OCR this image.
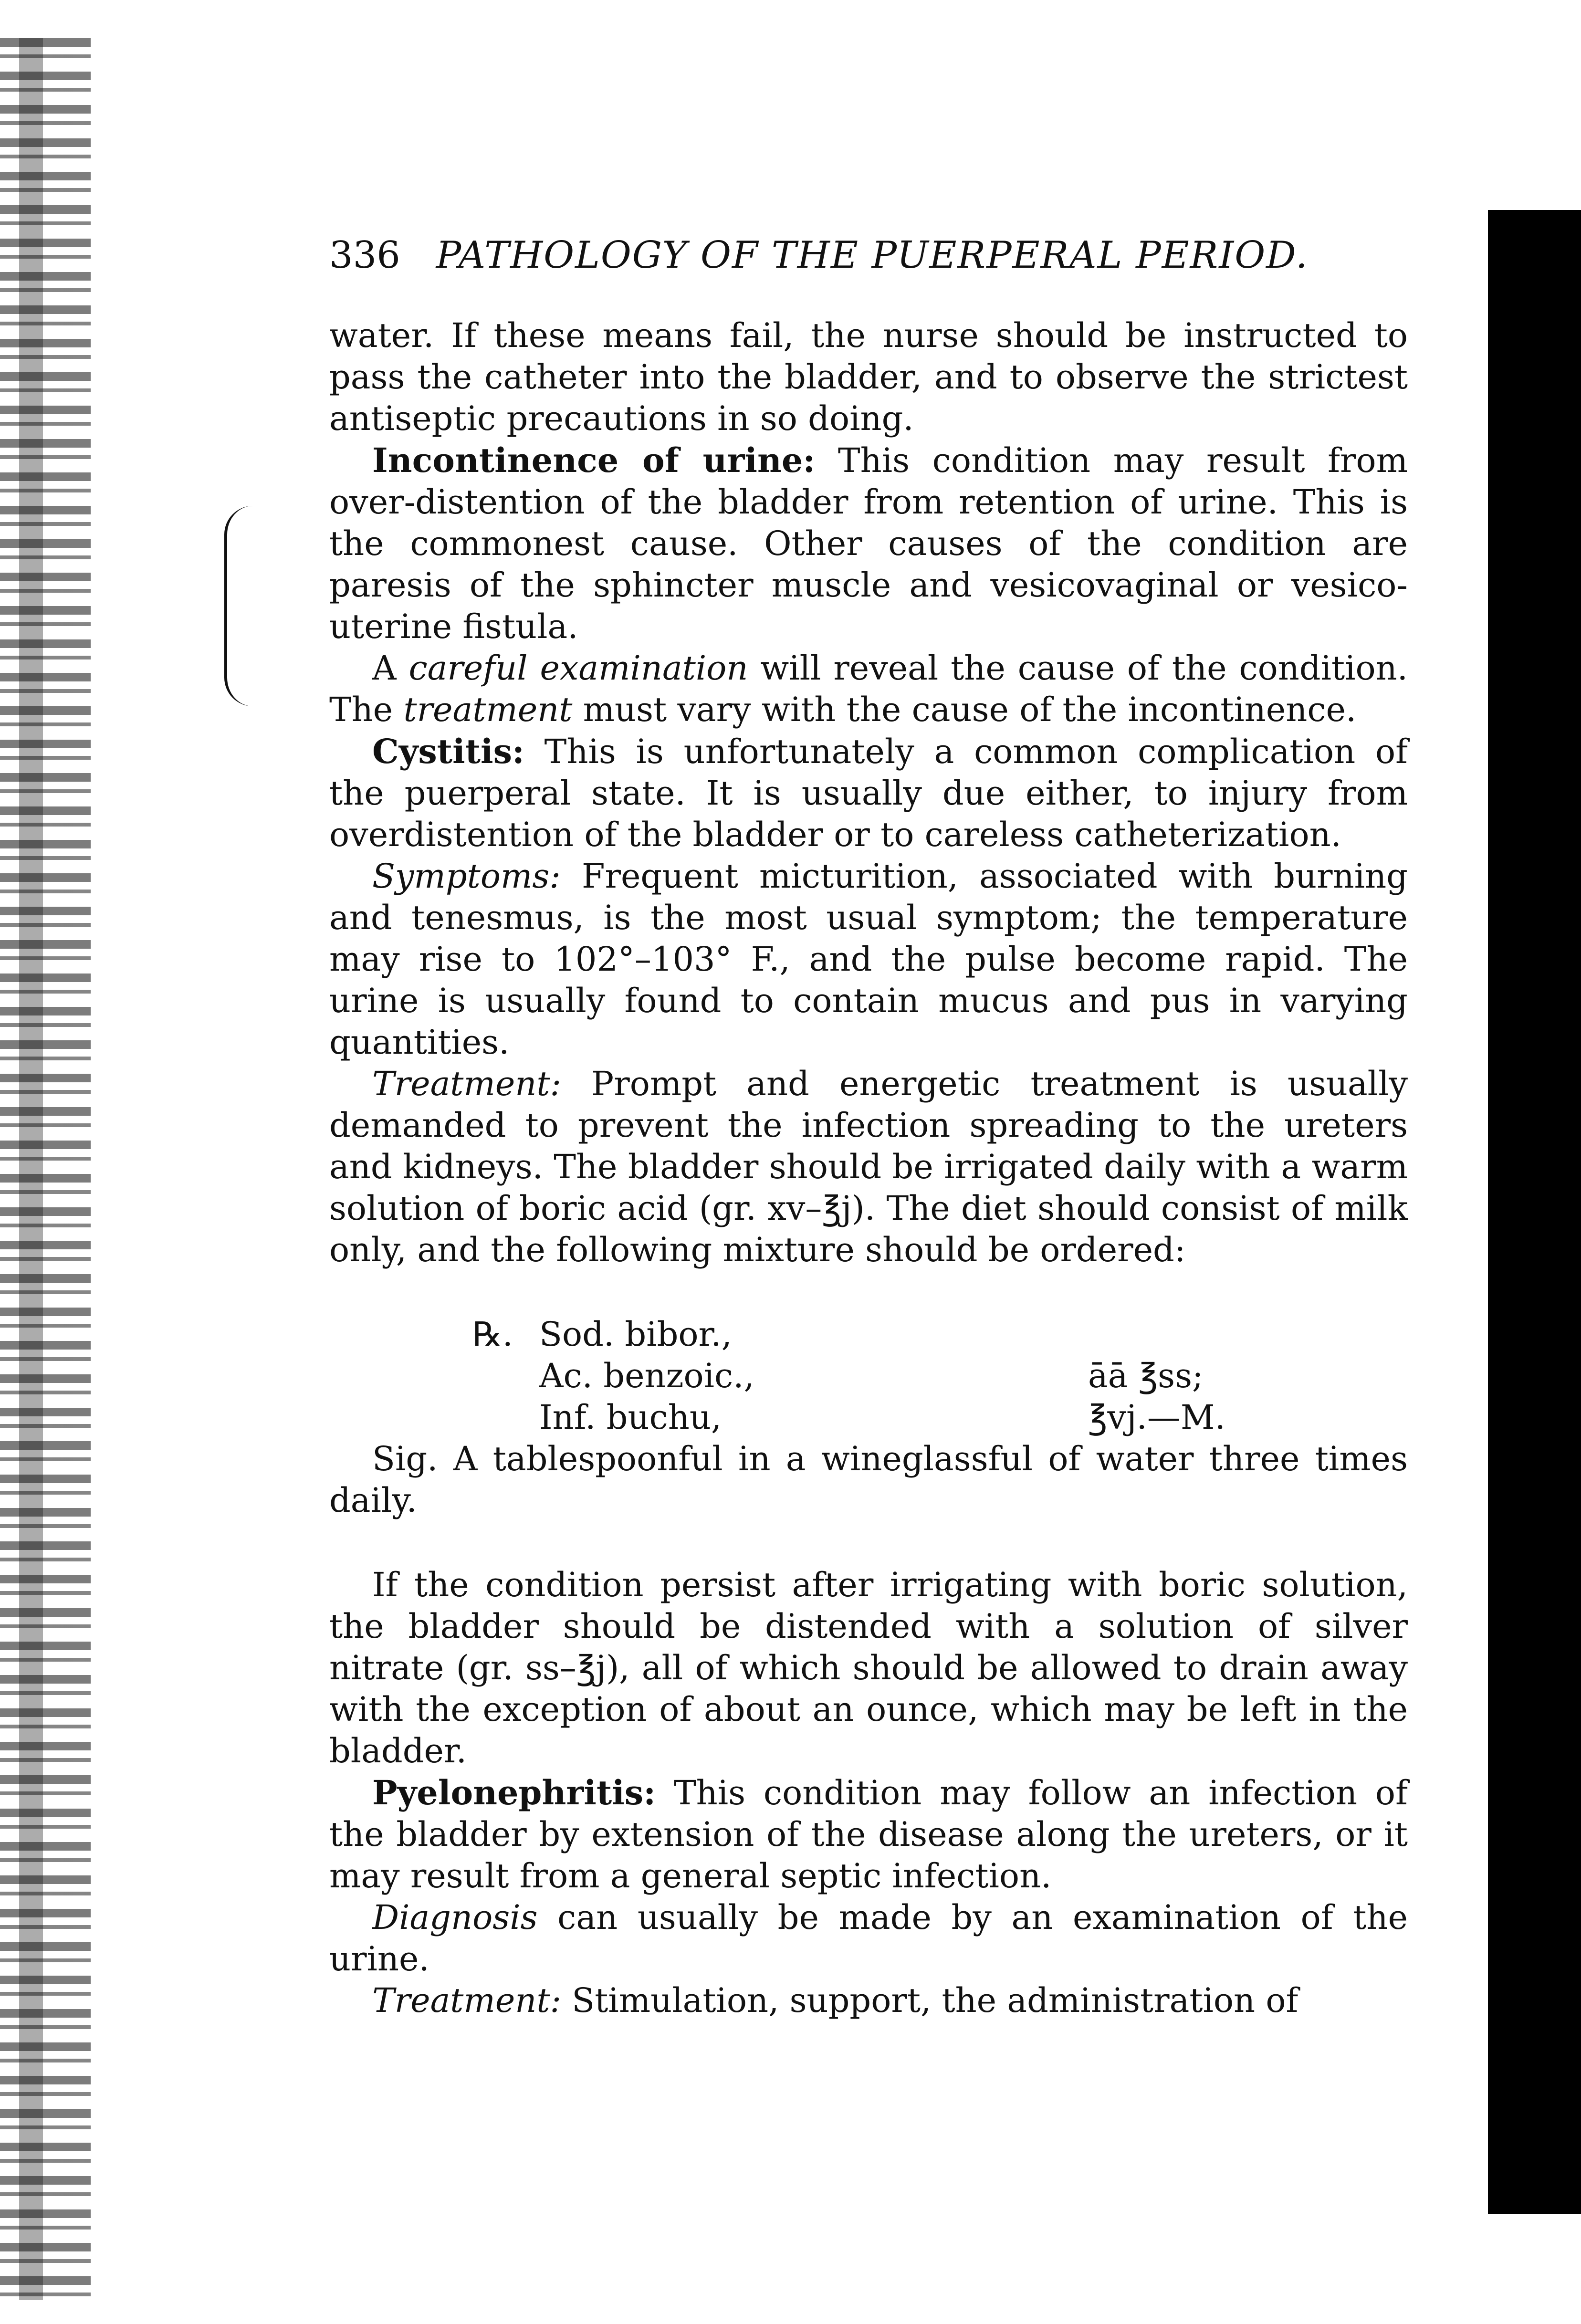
336 PATHOLOGY OF THE PUERPERAL PERIOD.

water. If these means fail, the nurse should be instructed to pass the catheter into the bladder, and to observe the strictest antiseptic precautions in so doing.

Incontinence of urine: This condition may result from over-distention of the bladder from retention of urine. This is the commonest cause. Other causes of the condition are paresis of the sphincter muscle and vesicovaginal or vesico-uterine fistula.

A careful examination will reveal the cause of the condition. The treatment must vary with the cause of the incontinence.

Cystitis: This is unfortunately a common complication of the puerperal state. It is usually due either, to injury from overdistention of the bladder or to careless catheterization.

Symptoms: Frequent micturition, associated with burning and tenesmus, is the most usual symptom; the temperature may rise to 102°–103° F., and the pulse become rapid. The urine is usually found to contain mucus and pus in varying quantities.

Treatment: Prompt and energetic treatment is usually demanded to prevent the infection spreading to the ureters and kidneys. The bladder should be irrigated daily with a warm solution of boric acid (gr. xv–℥j). The diet should consist of milk only, and the following mixture should be ordered:

℞. Sod. bibor.,
Ac. benzoic.,	āā ℥ss;
Inf. buchu,	℥vj.—M.

Sig. A tablespoonful in a wineglassful of water three times daily.

If the condition persist after irrigating with boric solution, the bladder should be distended with a solution of silver nitrate (gr. ss–℥j), all of which should be allowed to drain away with the exception of about an ounce, which may be left in the bladder.

Pyelonephritis: This condition may follow an infection of the bladder by extension of the disease along the ureters, or it may result from a general septic infection.

Diagnosis can usually be made by an examination of the urine.

Treatment: Stimulation, support, the administration of
